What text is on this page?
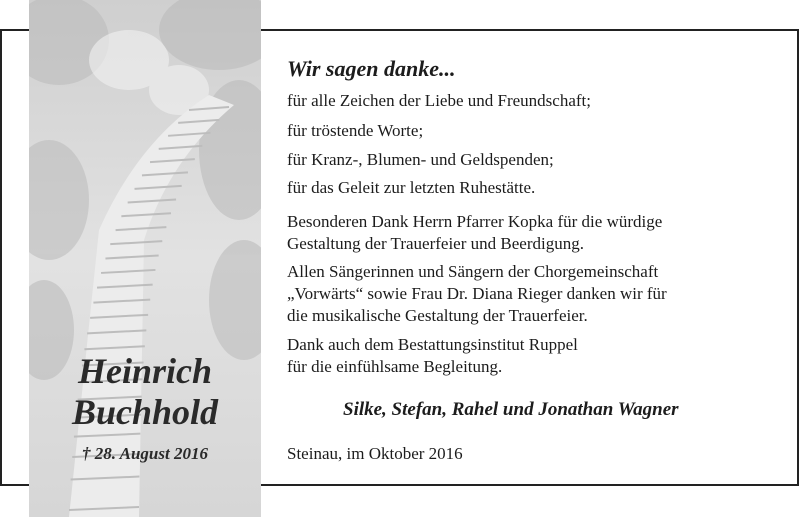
Heinrich
Buchhold
† 28. August 2016
Wir sagen danke...
für alle Zeichen der Liebe und Freundschaft;
für tröstende Worte;
für Kranz-, Blumen- und Geldspenden;
für das Geleit zur letzten Ruhestätte.
Besonderen Dank Herrn Pfarrer Kopka für die würdige
Gestaltung der Trauerfeier und Beerdigung.
Allen Sängerinnen und Sängern der Chorgemeinschaft
„Vorwärts“ sowie Frau Dr. Diana Rieger danken wir für
die musikalische Gestaltung der Trauerfeier.
Dank auch dem Bestattungsinstitut Ruppel
für die einfühlsame Begleitung.
Silke, Stefan, Rahel und Jonathan Wagner
Steinau, im Oktober 2016
